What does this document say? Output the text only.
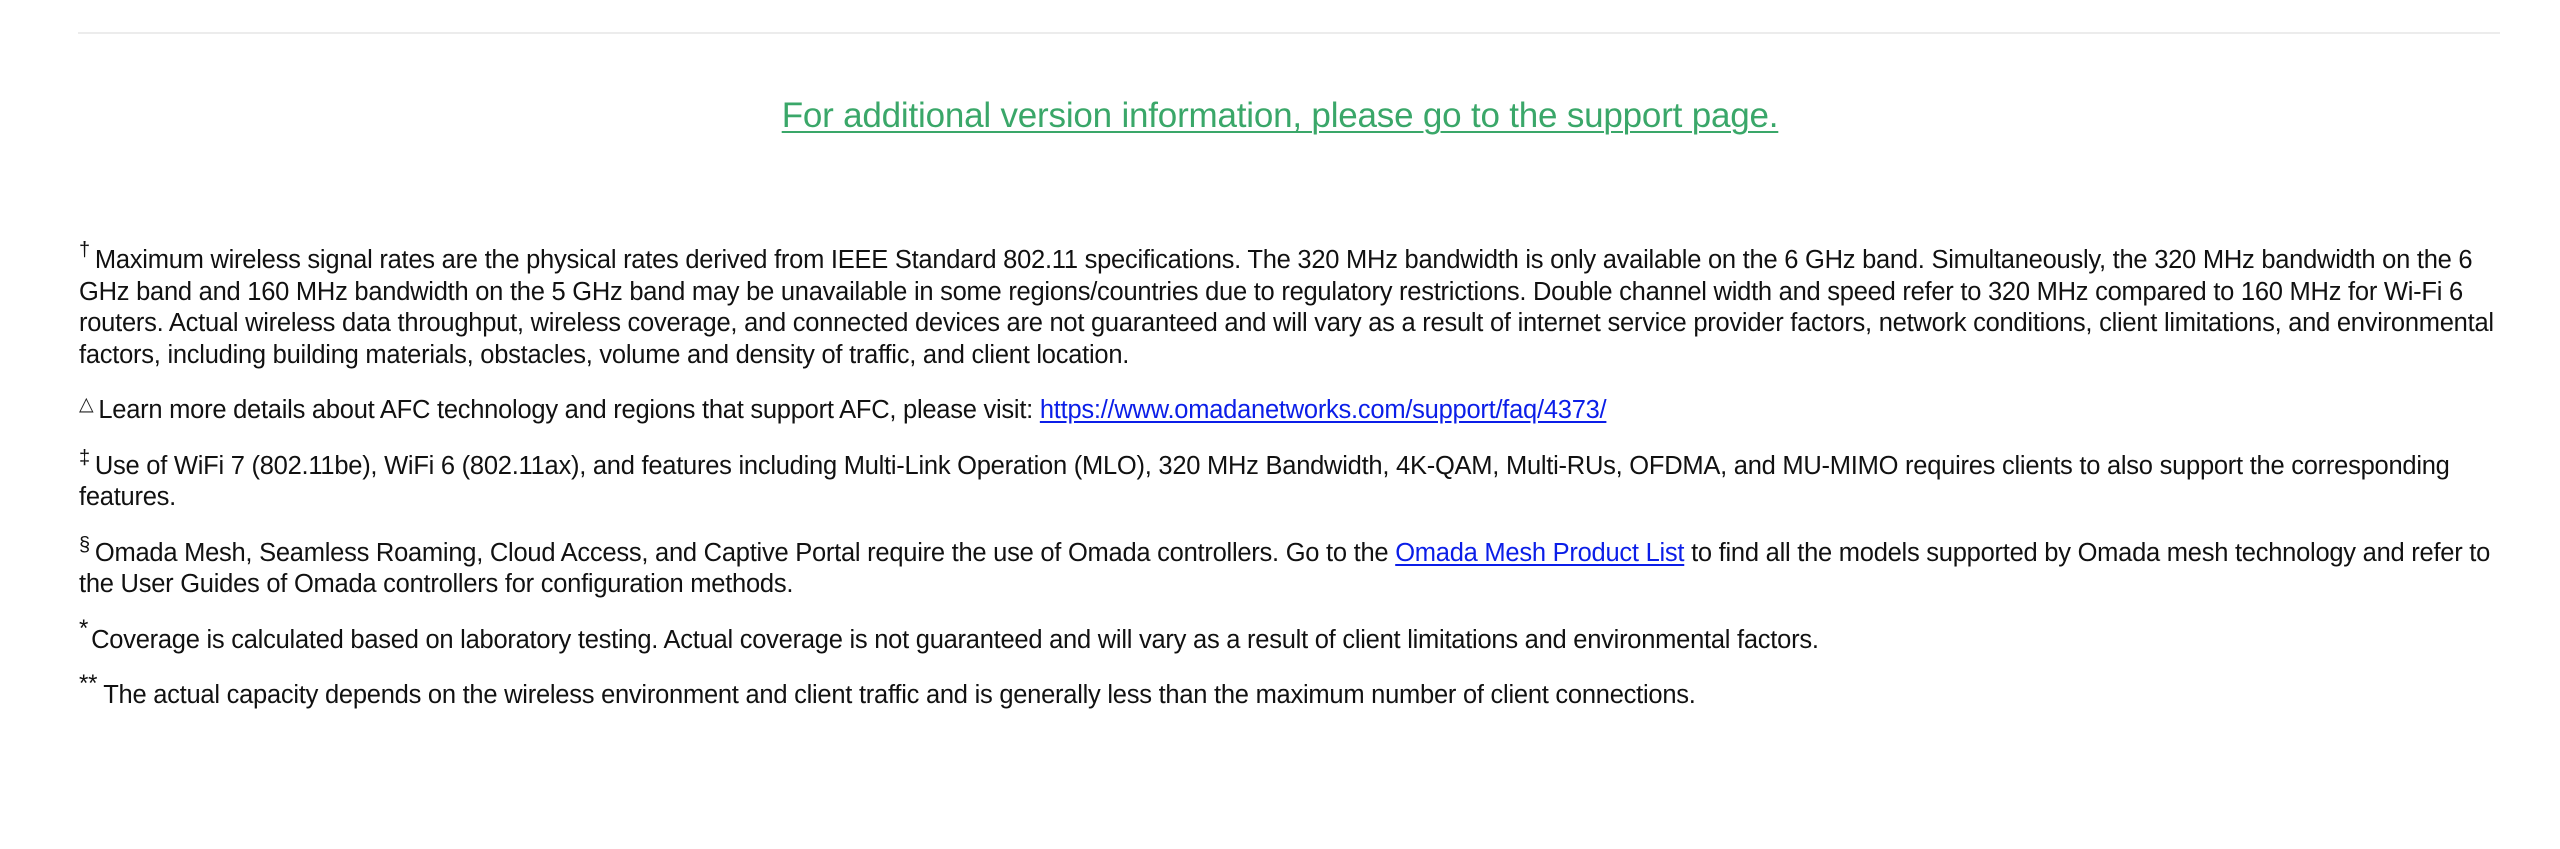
For additional version information, please go to the support page.

† Maximum wireless signal rates are the physical rates derived from IEEE Standard 802.11 specifications. The 320 MHz bandwidth is only available on the 6 GHz band. Simultaneously, the 320 MHz bandwidth on the 6 GHz band and 160 MHz bandwidth on the 5 GHz band may be unavailable in some regions/countries due to regulatory restrictions. Double channel width and speed refer to 320 MHz compared to 160 MHz for Wi-Fi 6 routers. Actual wireless data throughput, wireless coverage, and connected devices are not guaranteed and will vary as a result of internet service provider factors, network conditions, client limitations, and environmental factors, including building materials, obstacles, volume and density of traffic, and client location.

△ Learn more details about AFC technology and regions that support AFC, please visit: https://www.omadanetworks.com/support/faq/4373/

‡ Use of WiFi 7 (802.11be), WiFi 6 (802.11ax), and features including Multi-Link Operation (MLO), 320 MHz Bandwidth, 4K-QAM, Multi-RUs, OFDMA, and MU-MIMO requires clients to also support the corresponding features.

§ Omada Mesh, Seamless Roaming, Cloud Access, and Captive Portal require the use of Omada controllers. Go to the Omada Mesh Product List to find all the models supported by Omada mesh technology and refer to the User Guides of Omada controllers for configuration methods.

* Coverage is calculated based on laboratory testing. Actual coverage is not guaranteed and will vary as a result of client limitations and environmental factors.

** The actual capacity depends on the wireless environment and client traffic and is generally less than the maximum number of client connections.
